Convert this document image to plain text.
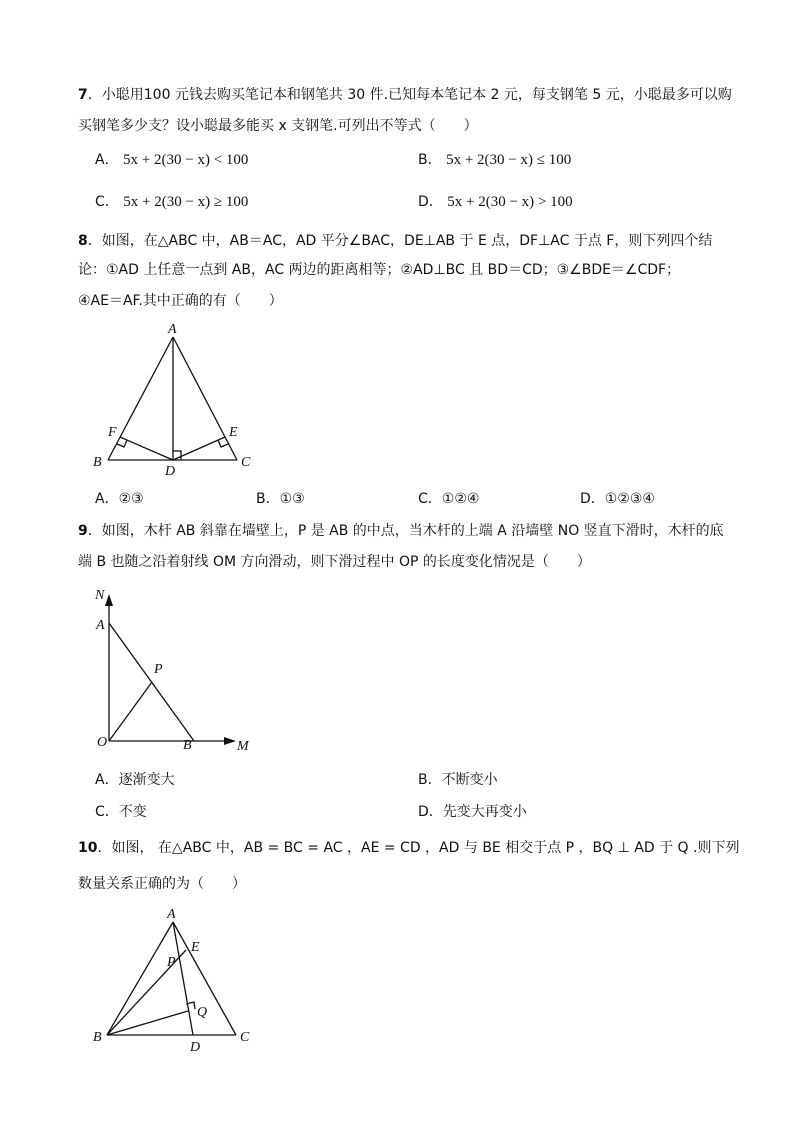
7．小聪用100 元钱去购买笔记本和钢笔共 30 件.已知每本笔记本 2 元，每支钢笔 5 元，小聪最多可以购
买钢笔多少支？设小聪最多能买 x 支钢笔.可列出不等式（　　）
A． 5x + 2(30 − x) < 100	B． 5x + 2(30 − x) ≤ 100
C． 5x + 2(30 − x) ≥ 100	D． 5x + 2(30 − x) > 100
8．如图，在△ABC 中，AB＝AC，AD 平分∠BAC，DE⊥AB 于 E 点，DF⊥AC 于点 F，则下列四个结
论：①AD 上任意一点到 AB，AC 两边的距离相等；②AD⊥BC 且 BD＝CD；③∠BDE＝∠CDF；
④AE＝AF.其中正确的有（　　）
A
B	C
D
E
F
A．②③	B．①③	C．①②④	D．①②③④
9．如图，木杆 AB 斜靠在墙壁上，P 是 AB 的中点，当木杆的上端 A 沿墙壁 NO 竖直下滑时，木杆的底
端 B 也随之沿着射线 OM 方向滑动，则下滑过程中 OP 的长度变化情况是（　　）
N
A
P
O	B	M
A．逐渐变大	B．不断变小
C．不变	D．先变大再变小
10．如图， 在△ABC 中，AB = BC = AC ，AE = CD ，AD 与 BE 相交于点 P ，BQ ⊥ AD 于 Q .则下列
数量关系正确的为（　　）
A
E
P
Q
B
D
C
